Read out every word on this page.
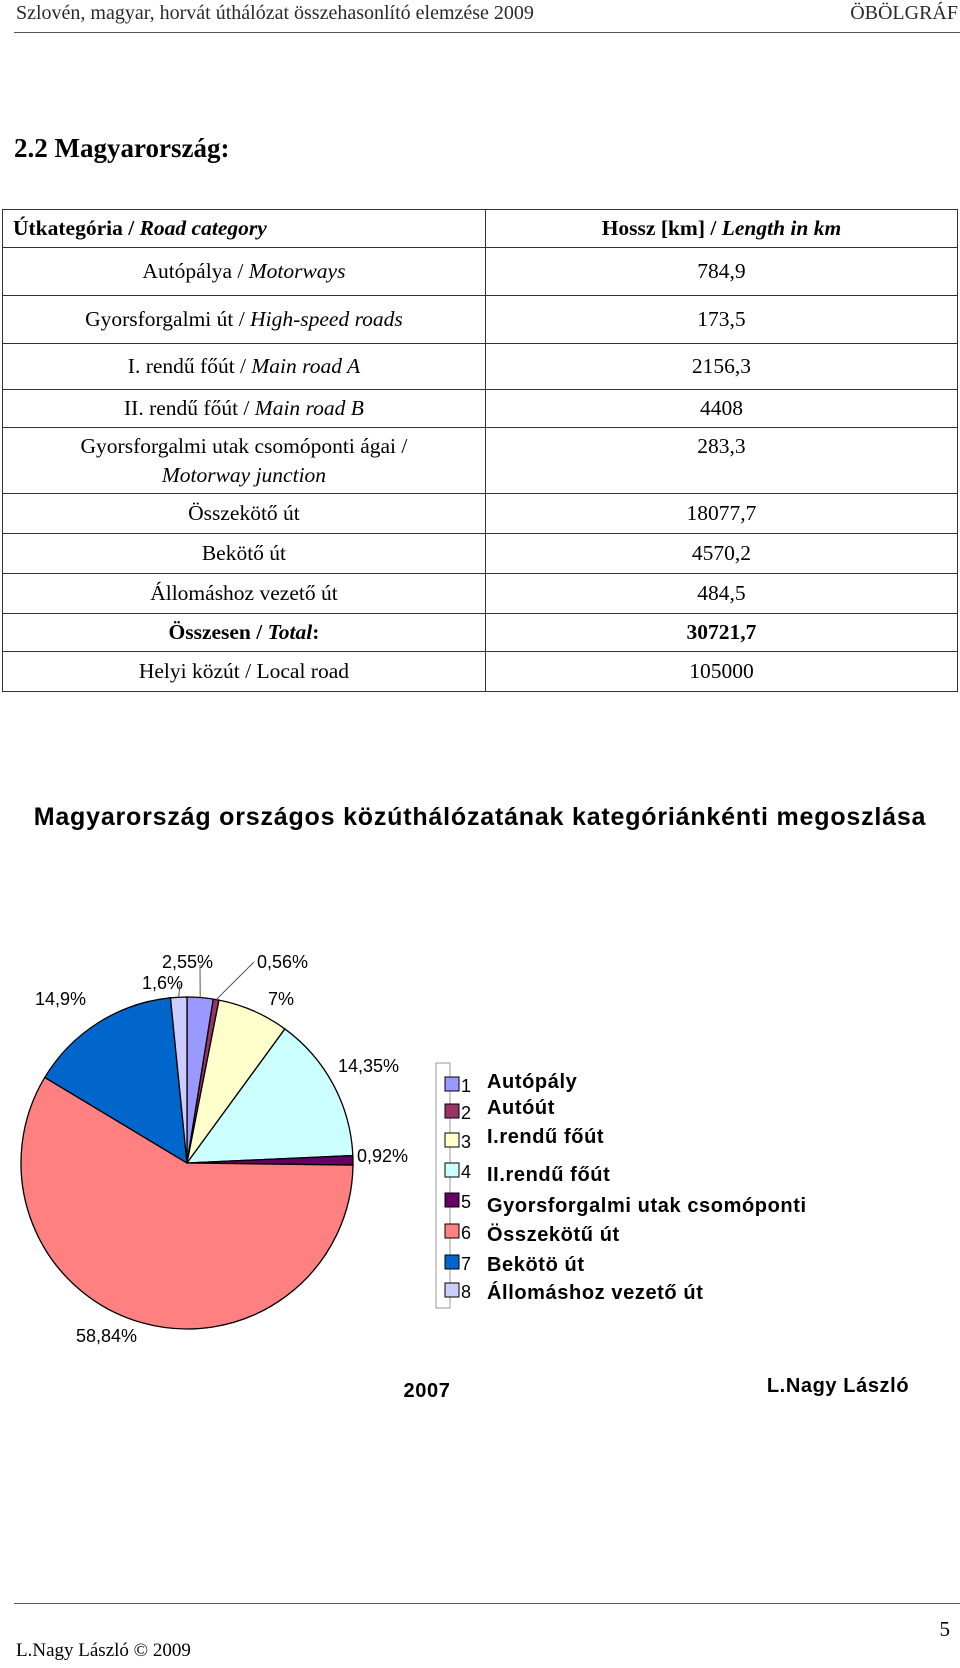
Szlovén, magyar, horvát úthálózat összehasonlító elemzése 2009	ÖBÖLGRÁF
2.2 Magyarország:
Útkategória / Road category	Hossz [km] / Length in km
Autópálya / Motorways	784,9
Gyorsforgalmi út / High-speed roads	173,5
I. rendű főút / Main road A	2156,3
II. rendű főút / Main road B	4408
Gyorsforgalmi utak csomóponti ágai /
Motorway junction	283,3
Összekötő út	18077,7
Bekötő út	4570,2
Állomáshoz vezető út	484,5
Összesen / Total:	30721,7
Helyi közút / Local road	105000
Magyarország országos közúthálózatának kategóriánkénti megoszlása
2,55% 0,56%
7%
14,35%
0,92%
58,84%
14,9%
1,6%
1 Autópály
2 Autóút
3 I.rendű főút
4 II.rendű főút
5 Gyorsforgalmi utak csomóponti
6 Összekötű út
7 Bekötö út
8 Állomáshoz vezető út
2007	L.Nagy László
L.Nagy László © 2009
5
